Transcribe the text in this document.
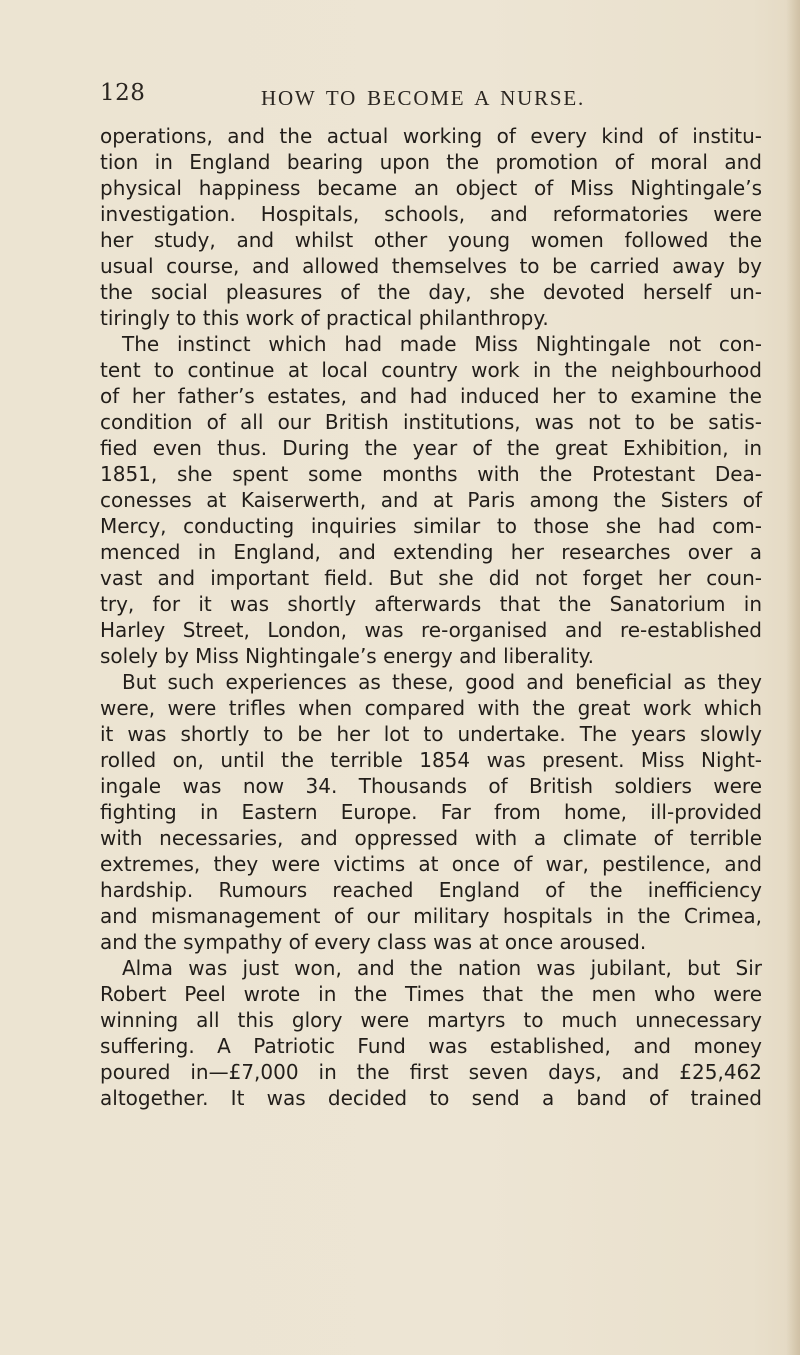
128	HOW TO BECOME A NURSE.
operations, and the actual working of every kind of institu-
tion in England bearing upon the promotion of moral and
physical happiness became an object of Miss Nightingale’s
investigation. Hospitals, schools, and reformatories were
her study, and whilst other young women followed the
usual course, and allowed themselves to be carried away by
the social pleasures of the day, she devoted herself un-
tiringly to this work of practical philanthropy.
The instinct which had made Miss Nightingale not con-
tent to continue at local country work in the neighbourhood
of her father’s estates, and had induced her to examine the
condition of all our British institutions, was not to be satis-
fied even thus. During the year of the great Exhibition, in
1851, she spent some months with the Protestant Dea-
conesses at Kaiserwerth, and at Paris among the Sisters of
Mercy, conducting inquiries similar to those she had com-
menced in England, and extending her researches over a
vast and important field. But she did not forget her coun-
try, for it was shortly afterwards that the Sanatorium in
Harley Street, London, was re-organised and re-established
solely by Miss Nightingale’s energy and liberality.
But such experiences as these, good and beneficial as they
were, were trifles when compared with the great work which
it was shortly to be her lot to undertake. The years slowly
rolled on, until the terrible 1854 was present. Miss Night-
ingale was now 34. Thousands of British soldiers were
fighting in Eastern Europe. Far from home, ill-provided
with necessaries, and oppressed with a climate of terrible
extremes, they were victims at once of war, pestilence, and
hardship. Rumours reached England of the inefficiency
and mismanagement of our military hospitals in the Crimea,
and the sympathy of every class was at once aroused.
Alma was just won, and the nation was jubilant, but Sir
Robert Peel wrote in the Times that the men who were
winning all this glory were martyrs to much unnecessary
suffering. A Patriotic Fund was established, and money
poured in—£7,000 in the first seven days, and £25,462
altogether. It was decided to send a band of trained
